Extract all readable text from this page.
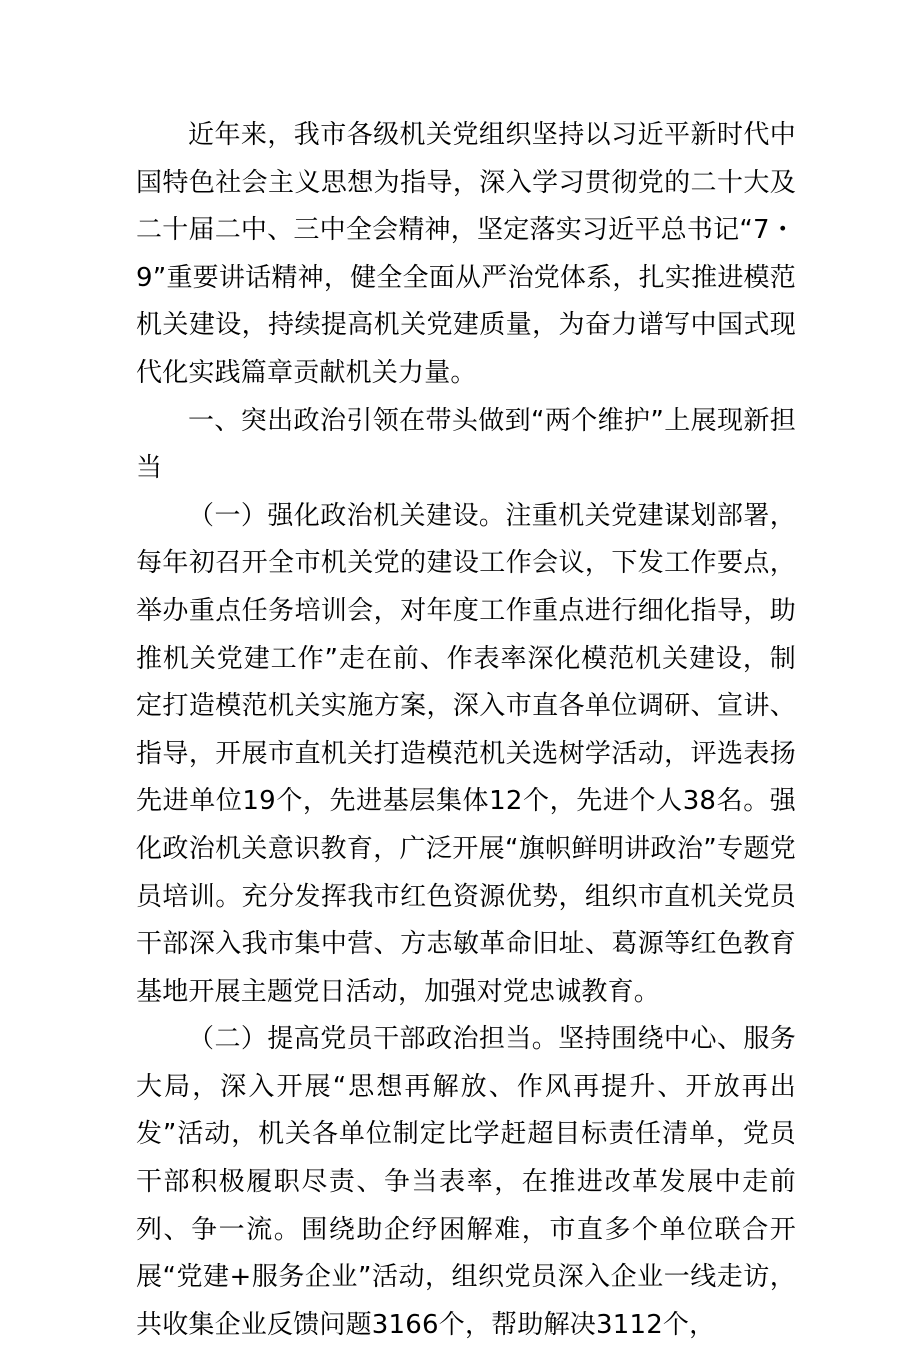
近年来，我市各级机关党组织坚持以习近平新时代中国特色社会主义思想为指导，深入学习贯彻党的二十大及二十届二中、三中全会精神，坚定落实习近平总书记“7・9”重要讲话精神，健全全面从严治党体系，扎实推进模范机关建设，持续提高机关党建质量，为奋力谱写中国式现代化实践篇章贡献机关力量。

一、突出政治引领在带头做到“两个维护”上展现新担当

（一）强化政治机关建设。注重机关党建谋划部署，每年初召开全市机关党的建设工作会议，下发工作要点，举办重点任务培训会，对年度工作重点进行细化指导，助推机关党建工作”走在前、作表率深化模范机关建设，制定打造模范机关实施方案，深入市直各单位调研、宣讲、指导，开展市直机关打造模范机关选树学活动，评选表扬先进单位19个，先进基层集体12个，先进个人38名。强化政治机关意识教育，广泛开展“旗帜鲜明讲政治”专题党员培训。充分发挥我市红色资源优势，组织市直机关党员干部深入我市集中营、方志敏革命旧址、葛源等红色教育基地开展主题党日活动，加强对党忠诚教育。

（二）提高党员干部政治担当。坚持围绕中心、服务大局，深入开展“思想再解放、作风再提升、开放再出发”活动，机关各单位制定比学赶超目标责任清单，党员干部积极履职尽责、争当表率，在推进改革发展中走前列、争一流。围绕助企纾困解难，市直多个单位联合开展“党建+服务企业”活动，组织党员深入企业一线走访，共收集企业反馈问题3166个，帮助解决3112个，
